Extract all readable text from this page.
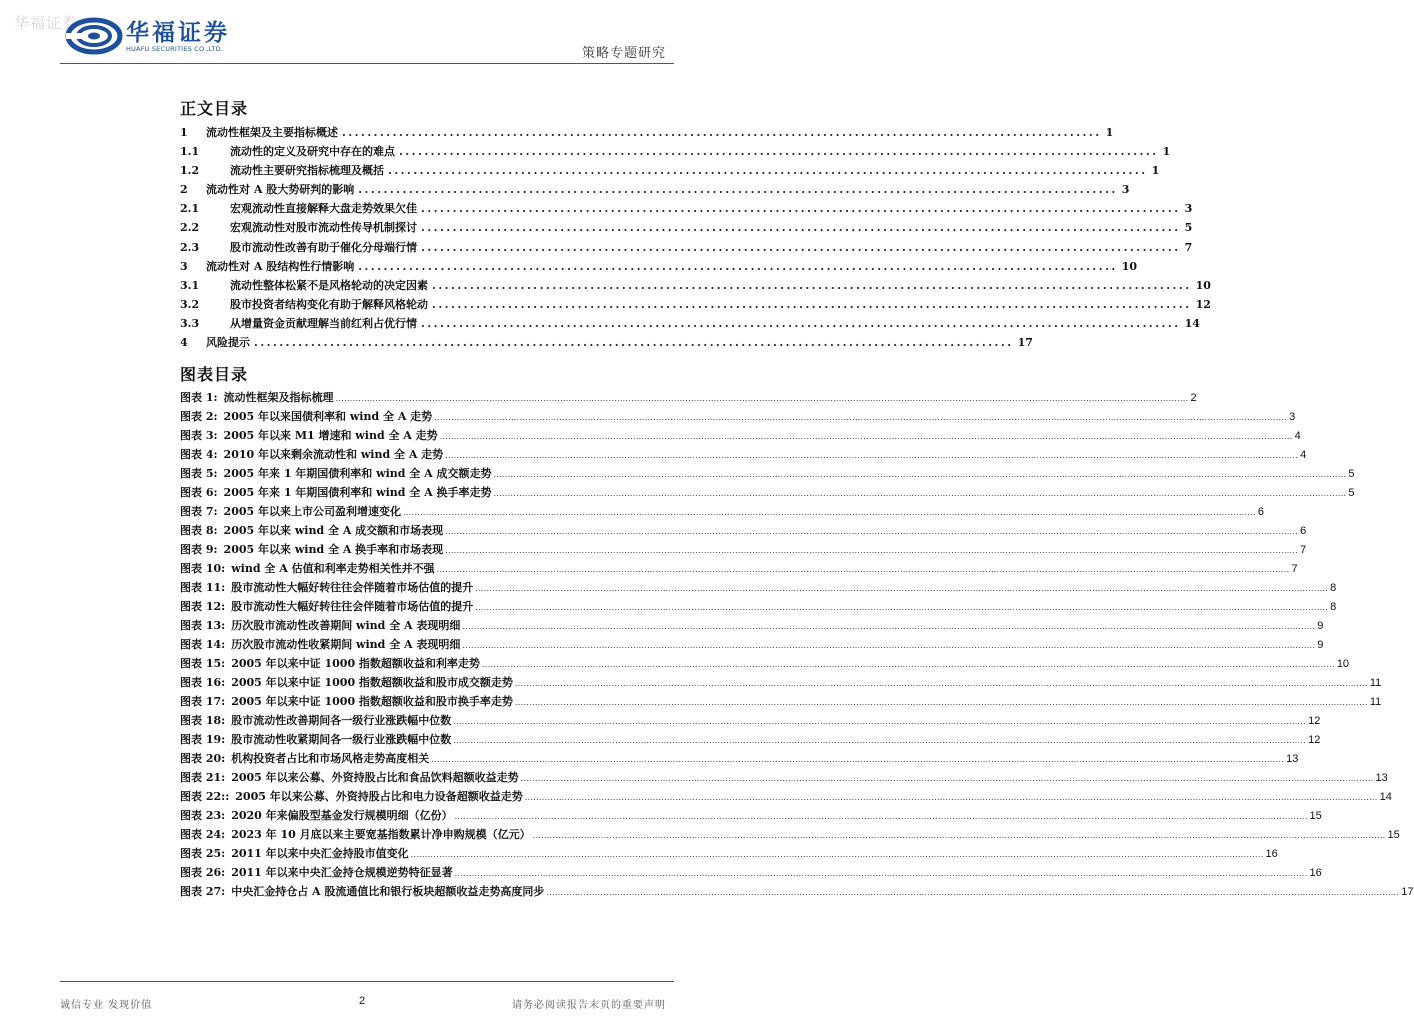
华福证券 华福证券
HUAFU SECURITIES CO.,LTD.	策略专题研究
正文目录
1	流动性框架及主要指标概述 ........................................................................................................................ 1
1.1	流动性的定义及研究中存在的难点 ........................................................................................................................ 1
1.2	流动性主要研究指标梳理及概括 ........................................................................................................................ 1
2	流动性对 A 股大势研判的影响 ........................................................................................................................ 3
2.1	宏观流动性直接解释大盘走势效果欠佳 ........................................................................................................................ 3
2.2	宏观流动性对股市流动性传导机制探讨 ........................................................................................................................ 5
2.3	股市流动性改善有助于催化分母端行情 ........................................................................................................................ 7
3	流动性对 A 股结构性行情影响 ........................................................................................................................ 10
3.1	流动性整体松紧不是风格轮动的决定因素 ........................................................................................................................ 10
3.2	股市投资者结构变化有助于解释风格轮动 ........................................................................................................................ 12
3.3	从增量资金贡献理解当前红利占优行情 ........................................................................................................................ 14
4	风险提示 ........................................................................................................................ 17
图表目录
图表 1: 流动性框架及指标梳理 ............................................................................................................................................................................................................................................................................................................ 2
图表 2: 2005 年以来国债利率和 wind 全 A 走势 ............................................................................................................................................................................................................................................................................................................ 3
图表 3: 2005 年以来 M1 增速和 wind 全 A 走势 ............................................................................................................................................................................................................................................................................................................ 4
图表 4: 2010 年以来剩余流动性和 wind 全 A 走势 ............................................................................................................................................................................................................................................................................................................ 4
图表 5: 2005 年来 1 年期国债利率和 wind 全 A 成交额走势 ............................................................................................................................................................................................................................................................................................................ 5
图表 6: 2005 年来 1 年期国债利率和 wind 全 A 换手率走势 ............................................................................................................................................................................................................................................................................................................ 5
图表 7: 2005 年以来上市公司盈利增速变化 ............................................................................................................................................................................................................................................................................................................ 6
图表 8: 2005 年以来 wind 全 A 成交额和市场表现 ............................................................................................................................................................................................................................................................................................................ 6
图表 9: 2005 年以来 wind 全 A 换手率和市场表现 ............................................................................................................................................................................................................................................................................................................ 7
图表 10: wind 全 A 估值和利率走势相关性并不强 ............................................................................................................................................................................................................................................................................................................ 7
图表 11: 股市流动性大幅好转往往会伴随着市场估值的提升 ............................................................................................................................................................................................................................................................................................................ 8
图表 12: 股市流动性大幅好转往往会伴随着市场估值的提升 ............................................................................................................................................................................................................................................................................................................ 8
图表 13: 历次股市流动性改善期间 wind 全 A 表现明细 ............................................................................................................................................................................................................................................................................................................ 9
图表 14: 历次股市流动性收紧期间 wind 全 A 表现明细 ............................................................................................................................................................................................................................................................................................................ 9
图表 15: 2005 年以来中证 1000 指数超额收益和利率走势 ............................................................................................................................................................................................................................................................................................................ 10
图表 16: 2005 年以来中证 1000 指数超额收益和股市成交额走势 ............................................................................................................................................................................................................................................................................................................ 11
图表 17: 2005 年以来中证 1000 指数超额收益和股市换手率走势 ............................................................................................................................................................................................................................................................................................................ 11
图表 18: 股市流动性改善期间各一级行业涨跌幅中位数 ............................................................................................................................................................................................................................................................................................................ 12
图表 19: 股市流动性收紧期间各一级行业涨跌幅中位数 ............................................................................................................................................................................................................................................................................................................ 12
图表 20: 机构投资者占比和市场风格走势高度相关 ............................................................................................................................................................................................................................................................................................................ 13
图表 21: 2005 年以来公募、外资持股占比和食品饮料超额收益走势 ............................................................................................................................................................................................................................................................................................................ 13
图表 22:: 2005 年以来公募、外资持股占比和电力设备超额收益走势 ............................................................................................................................................................................................................................................................................................................ 14
图表 23: 2020 年来偏股型基金发行规模明细（亿份） ............................................................................................................................................................................................................................................................................................................ 15
图表 24: 2023 年 10 月底以来主要宽基指数累计净申购规模（亿元） ............................................................................................................................................................................................................................................................................................................ 15
图表 25: 2011 年以来中央汇金持股市值变化 ............................................................................................................................................................................................................................................................................................................ 16
图表 26: 2011 年以来中央汇金持仓规模逆势特征显著 ............................................................................................................................................................................................................................................................................................................ 16
图表 27: 中央汇金持仓占 A 股流通值比和银行板块超额收益走势高度同步 ............................................................................................................................................................................................................................................................................................................ 17
诚信专业 发现价值	2	请务必阅读报告末页的重要声明
